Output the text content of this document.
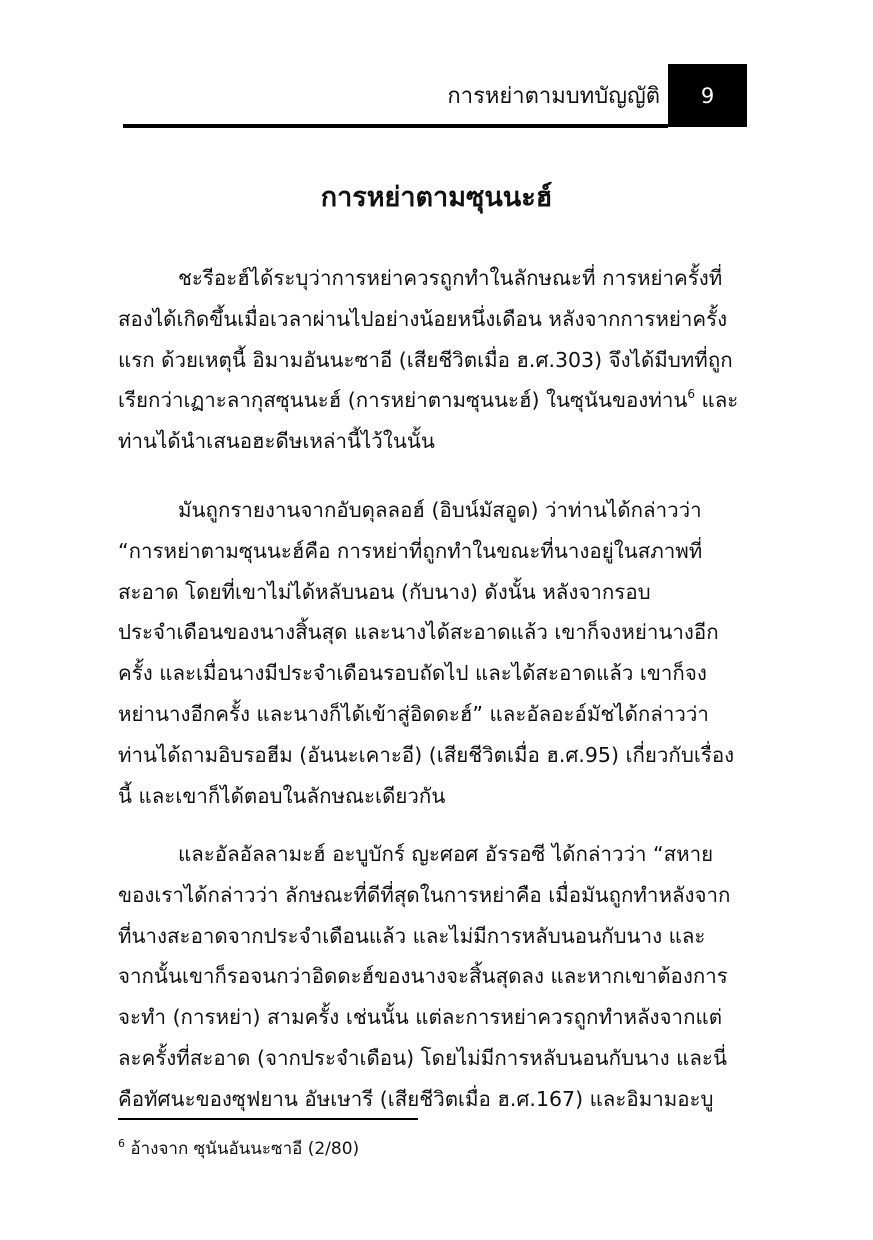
การหย่าตามบทบัญญัติ 9
การหย่าตามซุนนะฮ์

ชะรีอะฮ์ได้ระบุว่าการหย่าควรถูกทำในลักษณะที่ การหย่าครั้งที่
สองได้เกิดขึ้นเมื่อเวลาผ่านไปอย่างน้อยหนึ่งเดือน หลังจากการหย่าครั้ง
แรก ด้วยเหตุนี้ อิมามอันนะซาอี (เสียชีวิตเมื่อ ฮ.ศ.303) จึงได้มีบทที่ถูก
เรียกว่าเฏาะลากุสซุนนะฮ์ (การหย่าตามซุนนะฮ์) ในซุนันของท่าน$^6$ และ
ท่านได้นำเสนอฮะดีษเหล่านี้ไว้ในนั้น

มันถูกรายงานจากอับดุลลอฮ์ (อิบน์มัสอูด) ว่าท่านได้กล่าวว่า
“การหย่าตามซุนนะฮ์คือ การหย่าที่ถูกทำในขณะที่นางอยู่ในสภาพที่
สะอาด โดยที่เขาไม่ได้หลับนอน (กับนาง) ดังนั้น หลังจากรอบ
ประจำเดือนของนางสิ้นสุด และนางได้สะอาดแล้ว เขาก็จงหย่านางอีก
ครั้ง และเมื่อนางมีประจำเดือนรอบถัดไป และได้สะอาดแล้ว เขาก็จง
หย่านางอีกครั้ง และนางก็ได้เข้าสู่อิดดะฮ์” และอัลอะอ์มัชได้กล่าวว่า
ท่านได้ถามอิบรอฮีม (อันนะเคาะอี) (เสียชีวิตเมื่อ ฮ.ศ.95) เกี่ยวกับเรื่อง
นี้ และเขาก็ได้ตอบในลักษณะเดียวกัน

และอัลอัลลามะฮ์ อะบูบักร์ ญะศอศ อัรรอซี ได้กล่าวว่า “สหาย
ของเราได้กล่าวว่า ลักษณะที่ดีที่สุดในการหย่าคือ เมื่อมันถูกทำหลังจาก
ที่นางสะอาดจากประจำเดือนแล้ว และไม่มีการหลับนอนกับนาง และ
จากนั้นเขาก็รอจนกว่าอิดดะฮ์ของนางจะสิ้นสุดลง และหากเขาต้องการ
จะทำ (การหย่า) สามครั้ง เช่นนั้น แต่ละการหย่าควรถูกทำหลังจากแต่
ละครั้งที่สะอาด (จากประจำเดือน) โดยไม่มีการหลับนอนกับนาง และนี่
คือทัศนะของซุฟยาน อัษเษารี (เสียชีวิตเมื่อ ฮ.ศ.167) และอิมามอะบู

$^6$ อ้างจาก ซุนันอันนะซาอี (2/80)
